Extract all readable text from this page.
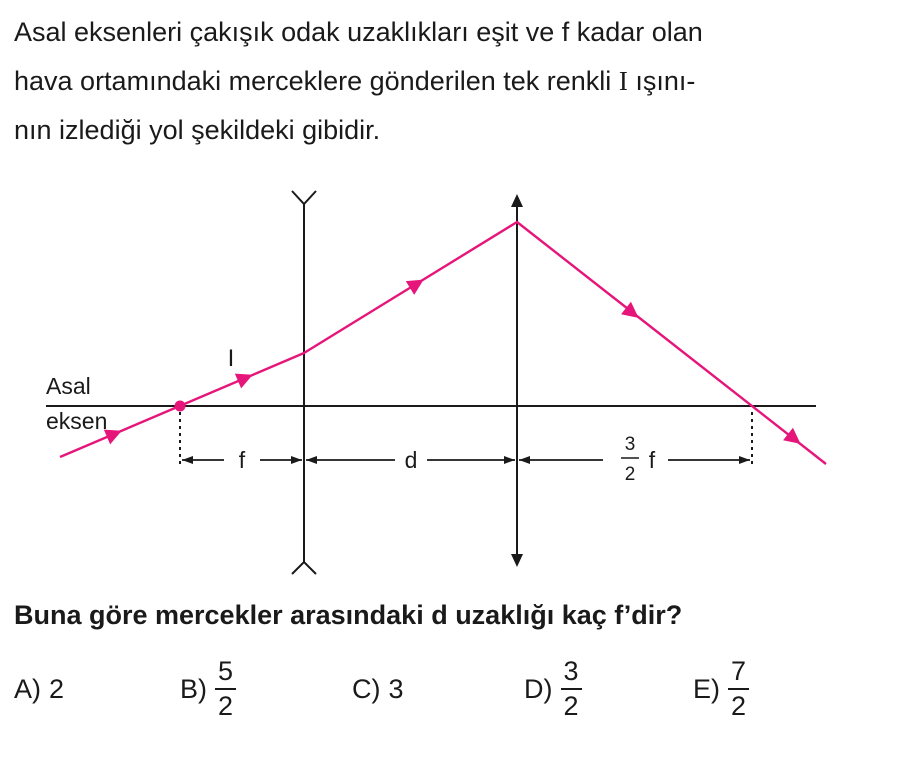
Asal eksenleri çakışık odak uzaklıkları eşit ve f kadar olan
hava ortamındaki merceklere gönderilen tek renkli I ışını-
nın izlediği yol şekildeki gibidir.
Asal
eksen
f	d
3
2
f
I

Buna göre mercekler arasındaki d uzaklığı kaç f’dir?

A) 2	$B) \frac{5}{2}$	C) 3	$D) \frac{3}{2}$	$E) \frac{7}{2}$
